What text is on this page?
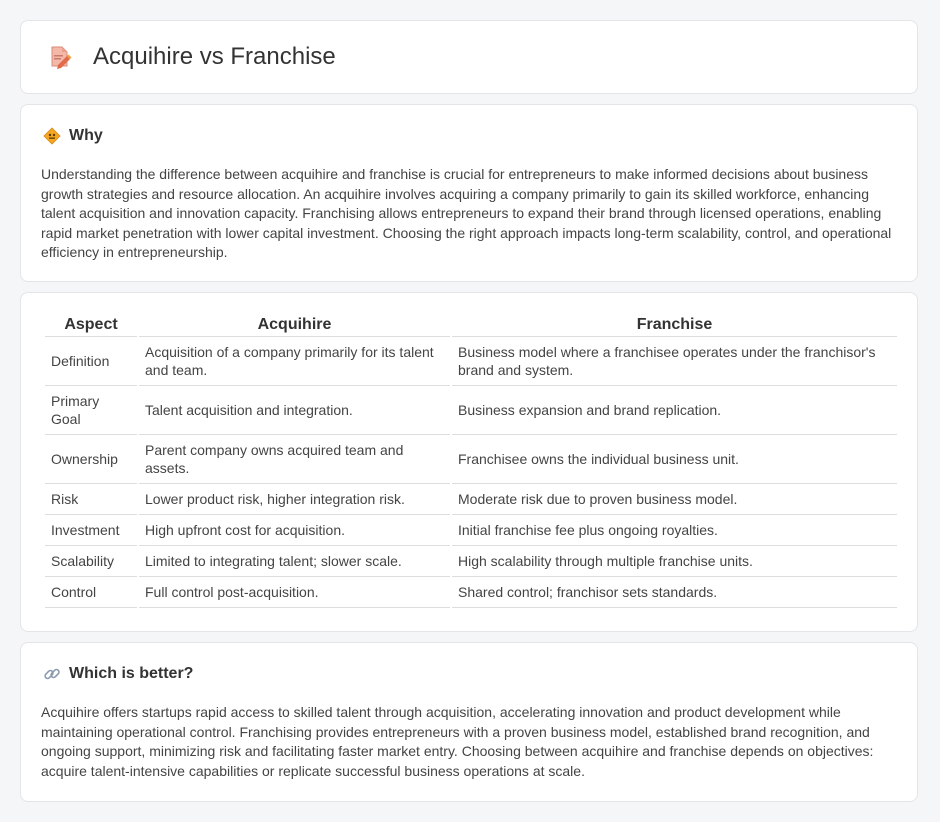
Acquihire vs Franchise
Why

Understanding the difference between acquihire and franchise is crucial for entrepreneurs to make informed decisions about business growth strategies and resource allocation. An acquihire involves acquiring a company primarily to gain its skilled workforce, enhancing talent acquisition and innovation capacity. Franchising allows entrepreneurs to expand their brand through licensed operations, enabling rapid market penetration with lower capital investment. Choosing the right approach impacts long-term scalability, control, and operational efficiency in entrepreneurship.

Aspect	Acquihire	Franchise
Definition	Acquisition of a company primarily for its talent and team.	Business model where a franchisee operates under the franchisor's brand and system.
Primary Goal	Talent acquisition and integration.	Business expansion and brand replication.
Ownership	Parent company owns acquired team and assets.	Franchisee owns the individual business unit.
Risk	Lower product risk, higher integration risk.	Moderate risk due to proven business model.
Investment	High upfront cost for acquisition.	Initial franchise fee plus ongoing royalties.
Scalability	Limited to integrating talent; slower scale.	High scalability through multiple franchise units.
Control	Full control post-acquisition.	Shared control; franchisor sets standards.
Which is better?

Acquihire offers startups rapid access to skilled talent through acquisition, accelerating innovation and product development while maintaining operational control. Franchising provides entrepreneurs with a proven business model, established brand recognition, and ongoing support, minimizing risk and facilitating faster market entry. Choosing between acquihire and franchise depends on objectives: acquire talent-intensive capabilities or replicate successful business operations at scale.
